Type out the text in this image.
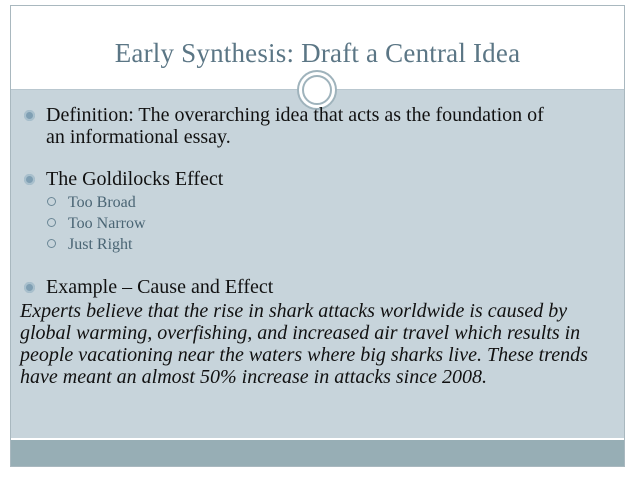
Early Synthesis: Draft a Central Idea
Definition: The overarching idea that acts as the foundation of an informational essay.
The Goldilocks Effect
Too Broad
Too Narrow
Just Right
Example – Cause and Effect
Experts believe that the rise in shark attacks worldwide is caused by global warming, overfishing, and increased air travel which results in people vacationing near the waters where big sharks live. These trends have meant an almost 50% increase in attacks since 2008.
